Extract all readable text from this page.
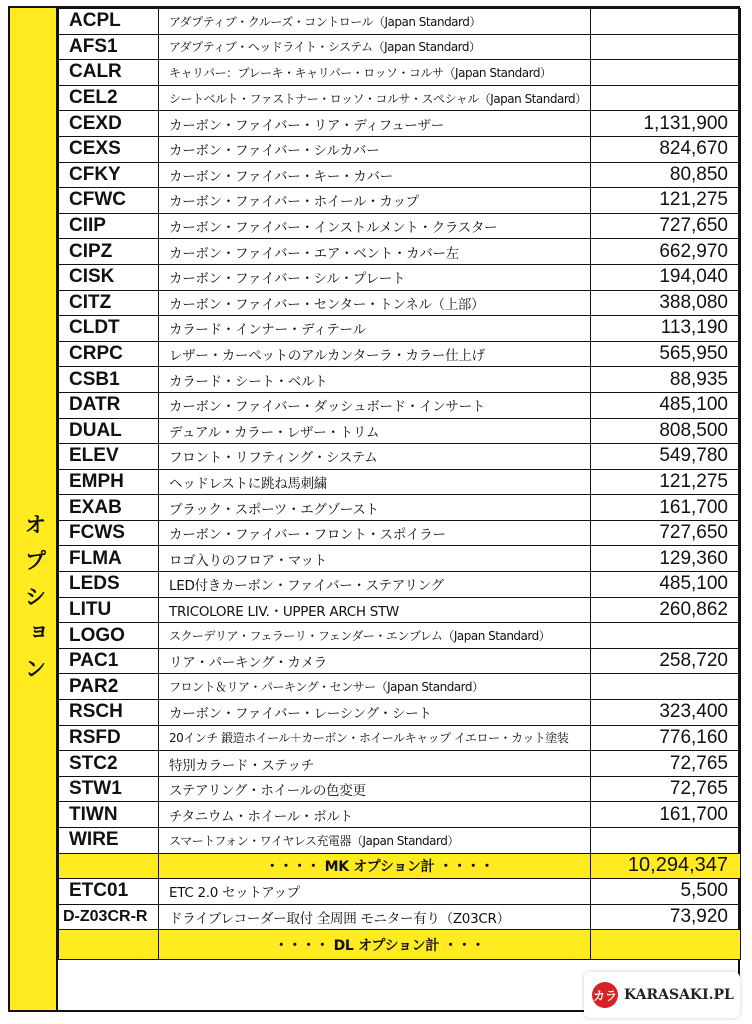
オプション
ACPL	アダプティブ・クルーズ・コントロール（Japan Standard）	
AFS1	アダプティブ・ヘッドライト・システム（Japan Standard）	
CALR	キャリパー：ブレーキ・キャリパー・ロッソ・コルサ（Japan Standard）	
CEL2	シートベルト・ファストナー・ロッソ・コルサ・スペシャル（Japan Standard）	
CEXD	カーボン・ファイバー・リア・ディフューザー	1,131,900
CEXS	カーボン・ファイバー・シルカバー	824,670
CFKY	カーボン・ファイバー・キー・カバー	80,850
CFWC	カーボン・ファイバー・ホイール・カップ	121,275
CIIP	カーボン・ファイバー・インストルメント・クラスター	727,650
CIPZ	カーボン・ファイバー・エア・ベント・カバー左	662,970
CISK	カーボン・ファイバー・シル・プレート	194,040
CITZ	カーボン・ファイバー・センター・トンネル（上部）	388,080
CLDT	カラード・インナー・ディテール	113,190
CRPC	レザー・カーペットのアルカンターラ・カラー仕上げ	565,950
CSB1	カラード・シート・ベルト	88,935
DATR	カーボン・ファイバー・ダッシュボード・インサート	485,100
DUAL	デュアル・カラー・レザー・トリム	808,500
ELEV	フロント・リフティング・システム	549,780
EMPH	ヘッドレストに跳ね馬刺繍	121,275
EXAB	ブラック・スポーツ・エグゾースト	161,700
FCWS	カーボン・ファイバー・フロント・スポイラー	727,650
FLMA	ロゴ入りのフロア・マット	129,360
LEDS	LED付きカーボン・ファイバー・ステアリング	485,100
LITU	TRICOLORE LIV.・UPPER ARCH STW	260,862
LOGO	スクーデリア・フェラーリ・フェンダー・エンブレム（Japan Standard）	
PAC1	リア・パーキング・カメラ	258,720
PAR2	フロント＆リア・パーキング・センサー（Japan Standard）	
RSCH	カーボン・ファイバー・レーシング・シート	323,400
RSFD	20インチ 鍛造ホイール＋カーボン・ホイールキャップ イエロー・カット塗装	776,160
STC2	特別カラード・ステッチ	72,765
STW1	ステアリング・ホイールの色変更	72,765
TIWN	チタニウム・ホイール・ボルト	161,700
WIRE	スマートフォン・ワイヤレス充電器（Japan Standard）	
	・・・・ MK オプション計 ・・・・	10,294,347
ETC01	ETC 2.0 セットアップ	5,500
D-Z03CR-R	ドライブレコーダー取付 全周囲 モニター有り（Z03CR）	73,920
	・・・・ DL オプション計 ・・・	
カラ KARASAKI.PL
